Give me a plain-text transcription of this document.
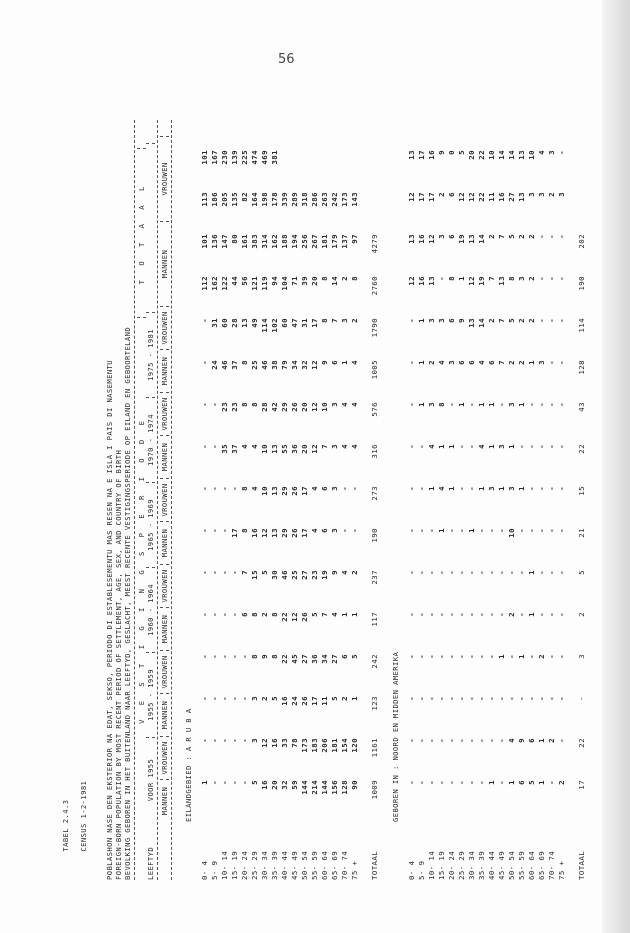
56

TABEL 2.4.3
CENSUS 1-2-1981
	POBLASHON NASE DEN EKSTERIOR NA EDAT, SEKSO, PERIODO DI ESTABLESEMENTU MAS RESEN NA E ISLA I PAIS DI NASEMENTU FOREIGN-BORN POPULATION BY MOST RECENT PERIOD OF SETTLEMENT, AGE, SEX, AND COUNTRY OF BIRTH BEVOLKING GEBOREN IN HET BUITENLAND NAAR LEEFTYD, GESLACHT, MEEST RECENTE VESTIGINGSPERIODE OP EILAND EN GEBOORTELAND V E S T I G I N G S P E R I O D E
T O T A A L
LEEFTYD
VOOR 1955
1955 - 1959
1960 - 1964
1965 - 1969
1970 - 1974
1975 - 1981
MANNEN
VROUWEN
MANNEN
VROUWEN
MANNEN
VROUWEN
MANNEN
VROUWEN
MANNEN
VROUWEN
MANNEN
VROUWEN
MANNEN
VROUWEN
EILANDGEBIED : A R U B A
0- 4	1	-	-	-	-	-	-	-	-	-	-	-	112	101	113	101
5- 9	-	-	-	-	-	-	-	-	-	-	24	31	162	136	186	167
10- 14	-	-	-	-	-	-	-	-	35	23	46	60	122	147	205	230
15- 19	-	-	-	-	-	-	17	-	37	23	37	28	44	80	135	139
20- 24	-	-	-	-	6	7	8	8	4	8	8	13	56	161	82	225
25- 29	5	3	3	8	8	15	16	4	4	8	25	49	121	383	164	474
30- 34	16	12	2	9	2	5	12	10	10	28	46	114	119	314	198	469
35- 39	20	16	5	8	8	30	13	13	13	42	38	102	94	162	178	381
40- 44	32	33	16	22	22	46	29	29	55	29	79	60	104	188	339	
45- 49	59	78	24	45	12	25	26	26	36	26	34	47	71	194	289	
50- 54	144	173	26	27	26	27	17	17	20	20	32	31	39	256	318	
55- 59	214	183	17	36	5	23	4	4	12	12	12	17	20	267	286	
60- 64	144	206	11	34	7	19	6	6	7	10	9	8	8	181	263	
65- 69	156	181	5	27	4	9	3	3	3	3	6	7	14	179	242	
70- 74	128	154	2	6	1	4	-	-	4	4	1	3	2	137	173	
75 +	90	120	1	5	1	2	-	-	4	4	4	2	8	97	143	
TOTAAL	1009	1161	123	242	117	237	190	273	316	576	1005	1790	2760	4279		
GEBOREN IN : NOORD EN MIDDEN AMERIKA
0- 4	-	-	-	-	-	-	-	-	-	-	-	-	12	13	12	13
5- 9	-	-	-	-	-	-	-	-	-	1	1	1	16	16	17	17
10- 14	-	-	-	-	-	-	-	1	4	3	2	3	13	12	17	16
15- 19	-	-	-	-	-	-	1	4	1	8	4	3	-	3	2	9
20- 24	-	-	-	-	-	-	-	1	1	-	3	6	8	6	6	0
25- 29	-	-	-	-	-	-	-	-	-	1	6	9	1	19	12	5
30- 34	-	-	-	-	-	-	1	-	-	-	6	13	12	13	12	20
35- 39	-	-	-	-	-	-	-	1	4	1	4	14	19	14	22	22
40- 44	1	-	-	-	-	-	-	3	1	1	6	2	7	2	11	10
45- 49	-	-	-	1	-	-	-	1	3	-	7	7	13	7	16	14
50- 54	1	4	-	-	2	-	10	3	1	3	2	5	8	5	27	14
55- 59	6	9	-	1	-	-	-	1	-	1	2	2	3	2	13	13
60- 64	5	6	-	-	1	1	-	-	-	-	1	2	2	2	3	10
65- 69	1	1	-	2	-	-	-	-	-	-	3	-	-	-	3	4
70- 74	-	2	-	-	-	-	-	-	-	-	-	-	-	-	2	3
75 +	2	-	-	-	-	-	-	-	-	-	-	-	-	-	3	-
TOTAAL	17	22	-	3	2	5	21	15	22	43	128	114	190	202		
